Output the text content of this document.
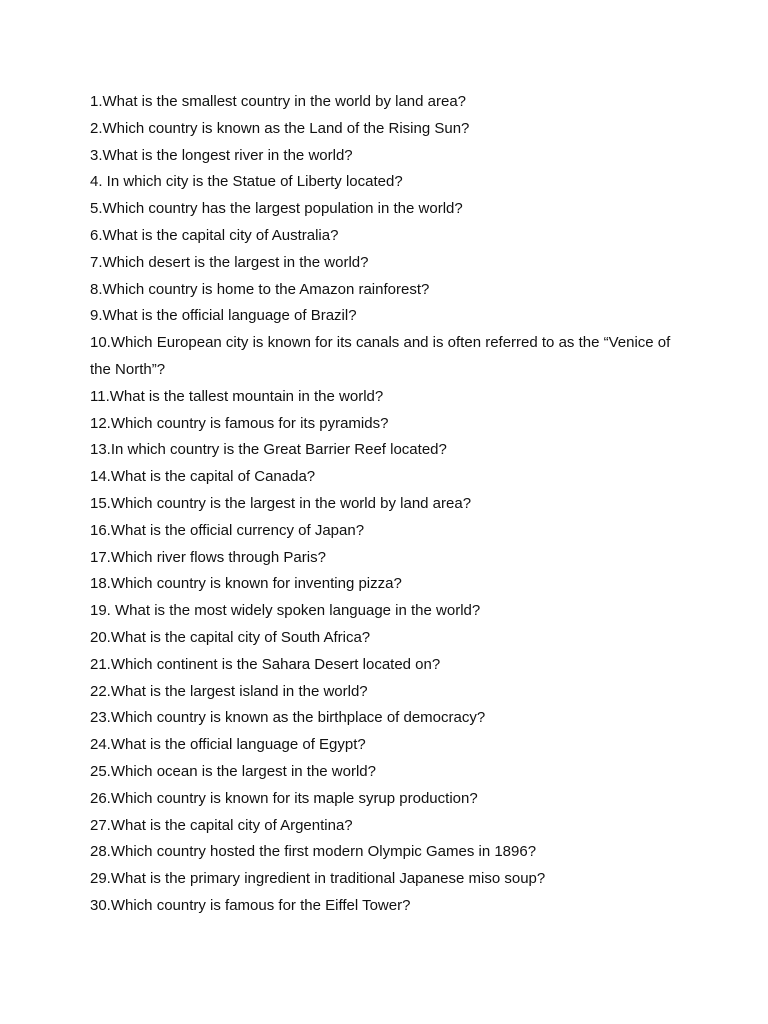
1.What is the smallest country in the world by land area?
2.Which country is known as the Land of the Rising Sun?
3.What is the longest river in the world?
4. In which city is the Statue of Liberty located?
5.Which country has the largest population in the world?
6.What is the capital city of Australia?
7.Which desert is the largest in the world?
8.Which country is home to the Amazon rainforest?
9.What is the official language of Brazil?
10.Which European city is known for its canals and is often referred to as the “Venice of the North”?
11.What is the tallest mountain in the world?
12.Which country is famous for its pyramids?
13.In which country is the Great Barrier Reef located?
14.What is the capital of Canada?
15.Which country is the largest in the world by land area?
16.What is the official currency of Japan?
17.Which river flows through Paris?
18.Which country is known for inventing pizza?
19. What is the most widely spoken language in the world?
20.What is the capital city of South Africa?
21.Which continent is the Sahara Desert located on?
22.What is the largest island in the world?
23.Which country is known as the birthplace of democracy?
24.What is the official language of Egypt?
25.Which ocean is the largest in the world?
26.Which country is known for its maple syrup production?
27.What is the capital city of Argentina?
28.Which country hosted the first modern Olympic Games in 1896?
29.What is the primary ingredient in traditional Japanese miso soup?
30.Which country is famous for the Eiffel Tower?
